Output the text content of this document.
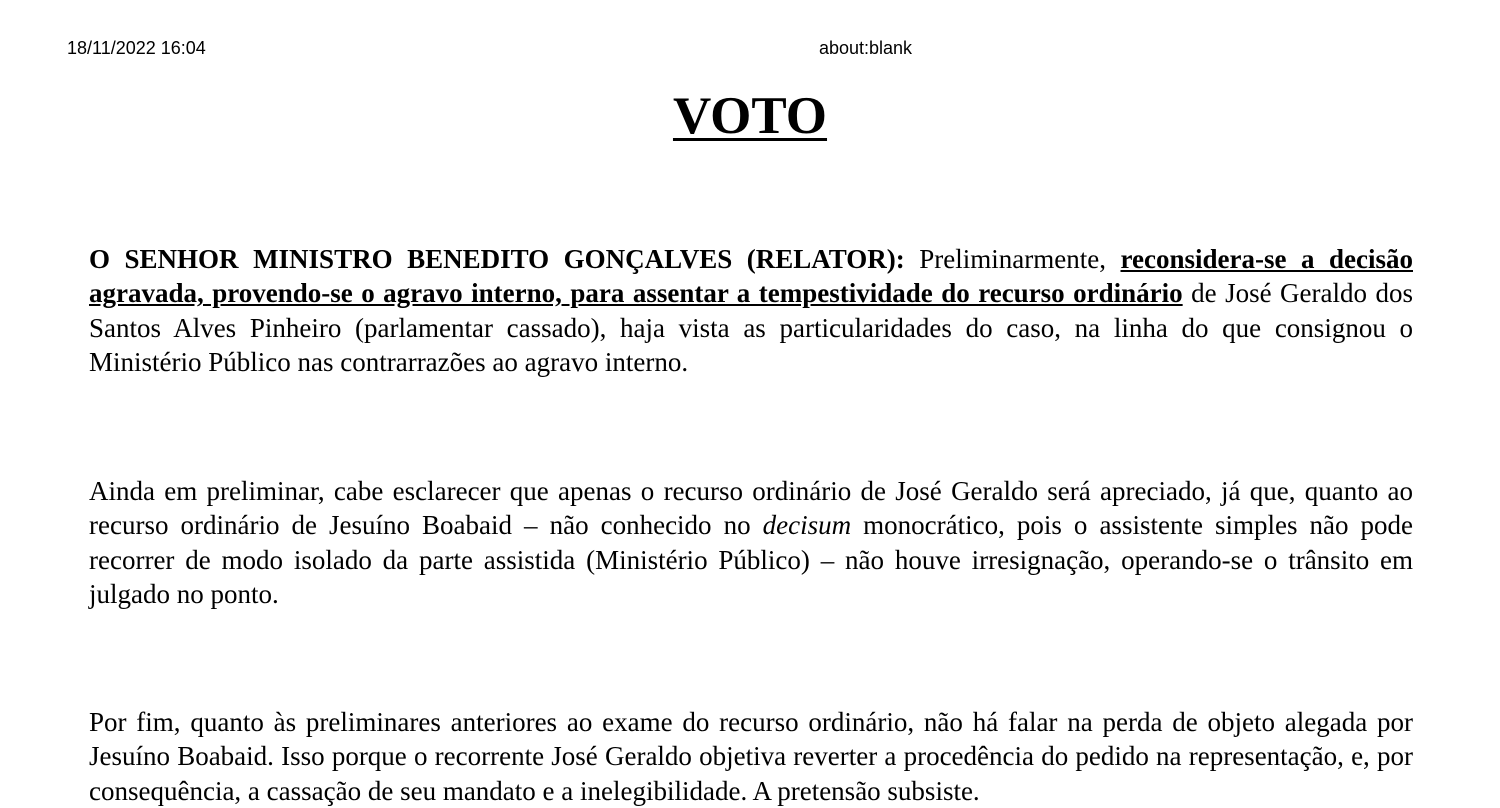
18/11/2022 16:04	about:blank
VOTO

O SENHOR MINISTRO BENEDITO GONÇALVES (RELATOR): Preliminarmente, reconsidera-se a decisão agravada, provendo-se o agravo interno, para assentar a tempestividade do recurso ordinário de José Geraldo dos Santos Alves Pinheiro (parlamentar cassado), haja vista as particularidades do caso, na linha do que consignou o Ministério Público nas contrarrazões ao agravo interno.

Ainda em preliminar, cabe esclarecer que apenas o recurso ordinário de José Geraldo será apreciado, já que, quanto ao recurso ordinário de Jesuíno Boabaid – não conhecido no decisum monocrático, pois o assistente simples não pode recorrer de modo isolado da parte assistida (Ministério Público) – não houve irresignação, operando-se o trânsito em julgado no ponto.

Por fim, quanto às preliminares anteriores ao exame do recurso ordinário, não há falar na perda de objeto alegada por Jesuíno Boabaid. Isso porque o recorrente José Geraldo objetiva reverter a procedência do pedido na representação, e, por consequência, a cassação de seu mandato e a inelegibilidade. A pretensão subsiste.
